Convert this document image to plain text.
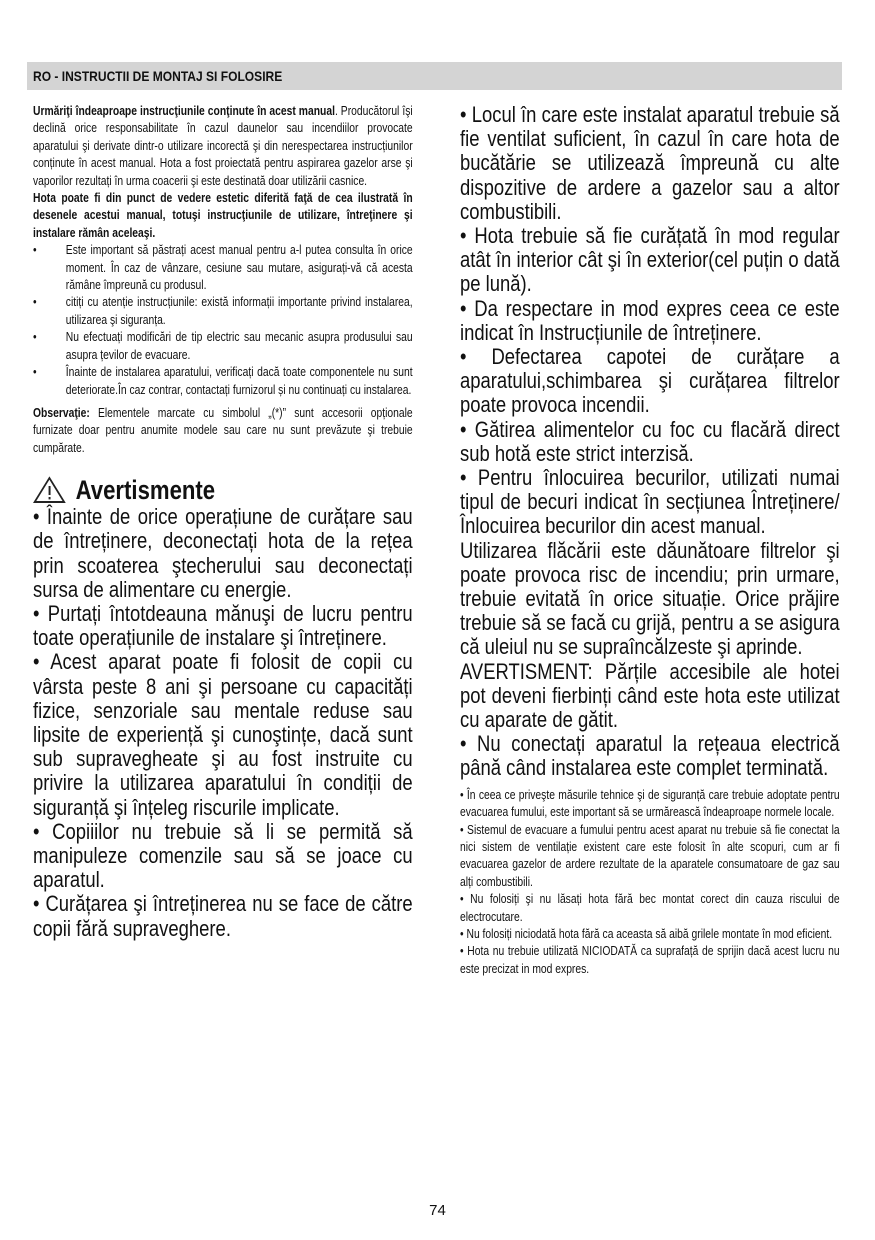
RO - INSTRUCTII DE MONTAJ SI FOLOSIRE

Urmăriţi îndeaproape instrucţiunile conţinute în acest manual. Producătorul îşi declină orice responsabilitate în cazul daunelor sau incendiilor provocate aparatului şi derivate dintr-o utilizare incorectă şi din nerespectarea instrucțiunilor conținute în acest manual. Hota a fost proiectată pentru aspirarea gazelor arse şi vaporilor rezultați în urma coacerii şi este destinată doar utilizării casnice.

Hota poate fi din punct de vedere estetic diferită faţă de cea ilustrată în desenele acestui manual, totuşi instrucţiunile de utilizare, întreţinere şi instalare rămân aceleaşi.

• Este important să păstrați acest manual pentru a-l putea consulta în orice moment. În caz de vânzare, cesiune sau mutare, asigurați-vă că acesta rămâne împreună cu produsul.
• citiți cu atenție instrucțiunile: există informații importante privind instalarea, utilizarea şi siguranța.
• Nu efectuați modificări de tip electric sau mecanic asupra produsului sau asupra țevilor de evacuare.
• Înainte de instalarea aparatului, verificați dacă toate componentele nu sunt deteriorate.În caz contrar, contactați furnizorul și nu continuați cu instalarea.

Observaţie: Elementele marcate cu simbolul „(*)” sunt accesorii opționale furnizate doar pentru anumite modele sau care nu sunt prevăzute şi trebuie cumpărate.

Avertismente

• Înainte de orice operațiune de curățare sau de întreținere, deconectați hota de la rețea prin scoaterea ştecherului sau deconectați sursa de alimentare cu energie.

• Purtați întotdeauna mănuşi de lucru pentru toate operațiunile de instalare şi întreținere.

• Acest aparat poate fi folosit de copii cu vârsta peste 8 ani şi persoane cu capacități fizice, senzoriale sau mentale reduse sau lipsite de experiență şi cunoştințe, dacă sunt sub supravegheate şi au fost instruite cu privire la utilizarea aparatului în condiții de siguranță şi înțeleg riscurile implicate.

• Copiiilor nu trebuie să li se permită să manipuleze comenzile sau să se joace cu aparatul.

• Curățarea şi întreținerea nu se face de către copii fără supraveghere.

• Locul în care este instalat aparatul trebuie să fie ventilat suficient, în cazul în care hota de bucătărie se utilizează împreună cu alte dispozitive de ardere a gazelor sau a altor combustibili.

• Hota trebuie să fie curățată în mod regular atât în interior cât şi în exterior(cel puțin o dată pe lună).

• Da respectare in mod expres ceea ce este indicat în Instrucțiunile de întreținere.

• Defectarea capotei de curățare a aparatului,schimbarea şi curățarea filtrelor poate provoca incendii.

• Gătirea alimentelor cu foc cu flacără direct sub hotă este strict interzisă.

• Pentru înlocuirea becurilor, utilizati numai tipul de becuri indicat în secțiunea Întreținere/Înlocuirea becurilor din acest manual.

Utilizarea flăcării este dăunătoare filtrelor şi poate provoca risc de incendiu; prin urmare, trebuie evitată în orice situație. Orice prăjire trebuie să se facă cu grijă, pentru a se asigura că uleiul nu se supraîncălzeste şi aprinde.

AVERTISMENT: Părțile accesibile ale hotei pot deveni fierbinți când este hota este utilizat cu aparate de gătit.

• Nu conectați aparatul la rețeaua electrică până când instalarea este complet terminată.

• În ceea ce priveşte măsurile tehnice şi de siguranță care trebuie adoptate pentru evacuarea fumului, este important să se urmărească îndeaproape normele locale.

• Sistemul de evacuare a fumului pentru acest aparat nu trebuie să fie conectat la nici sistem de ventilație existent care este folosit în alte scopuri, cum ar fi evacuarea gazelor de ardere rezultate de la aparatele consumatoare de gaz sau alți combustibili.

• Nu folosiți şi nu lăsați hota fără bec montat corect din cauza riscului de electrocutare.

• Nu folosiți niciodată hota fără ca aceasta să aibă grilele montate în mod eficient.

• Hota nu trebuie utilizată NICIODATĂ ca suprafață de sprijin dacă acest lucru nu este precizat in mod expres.

74
